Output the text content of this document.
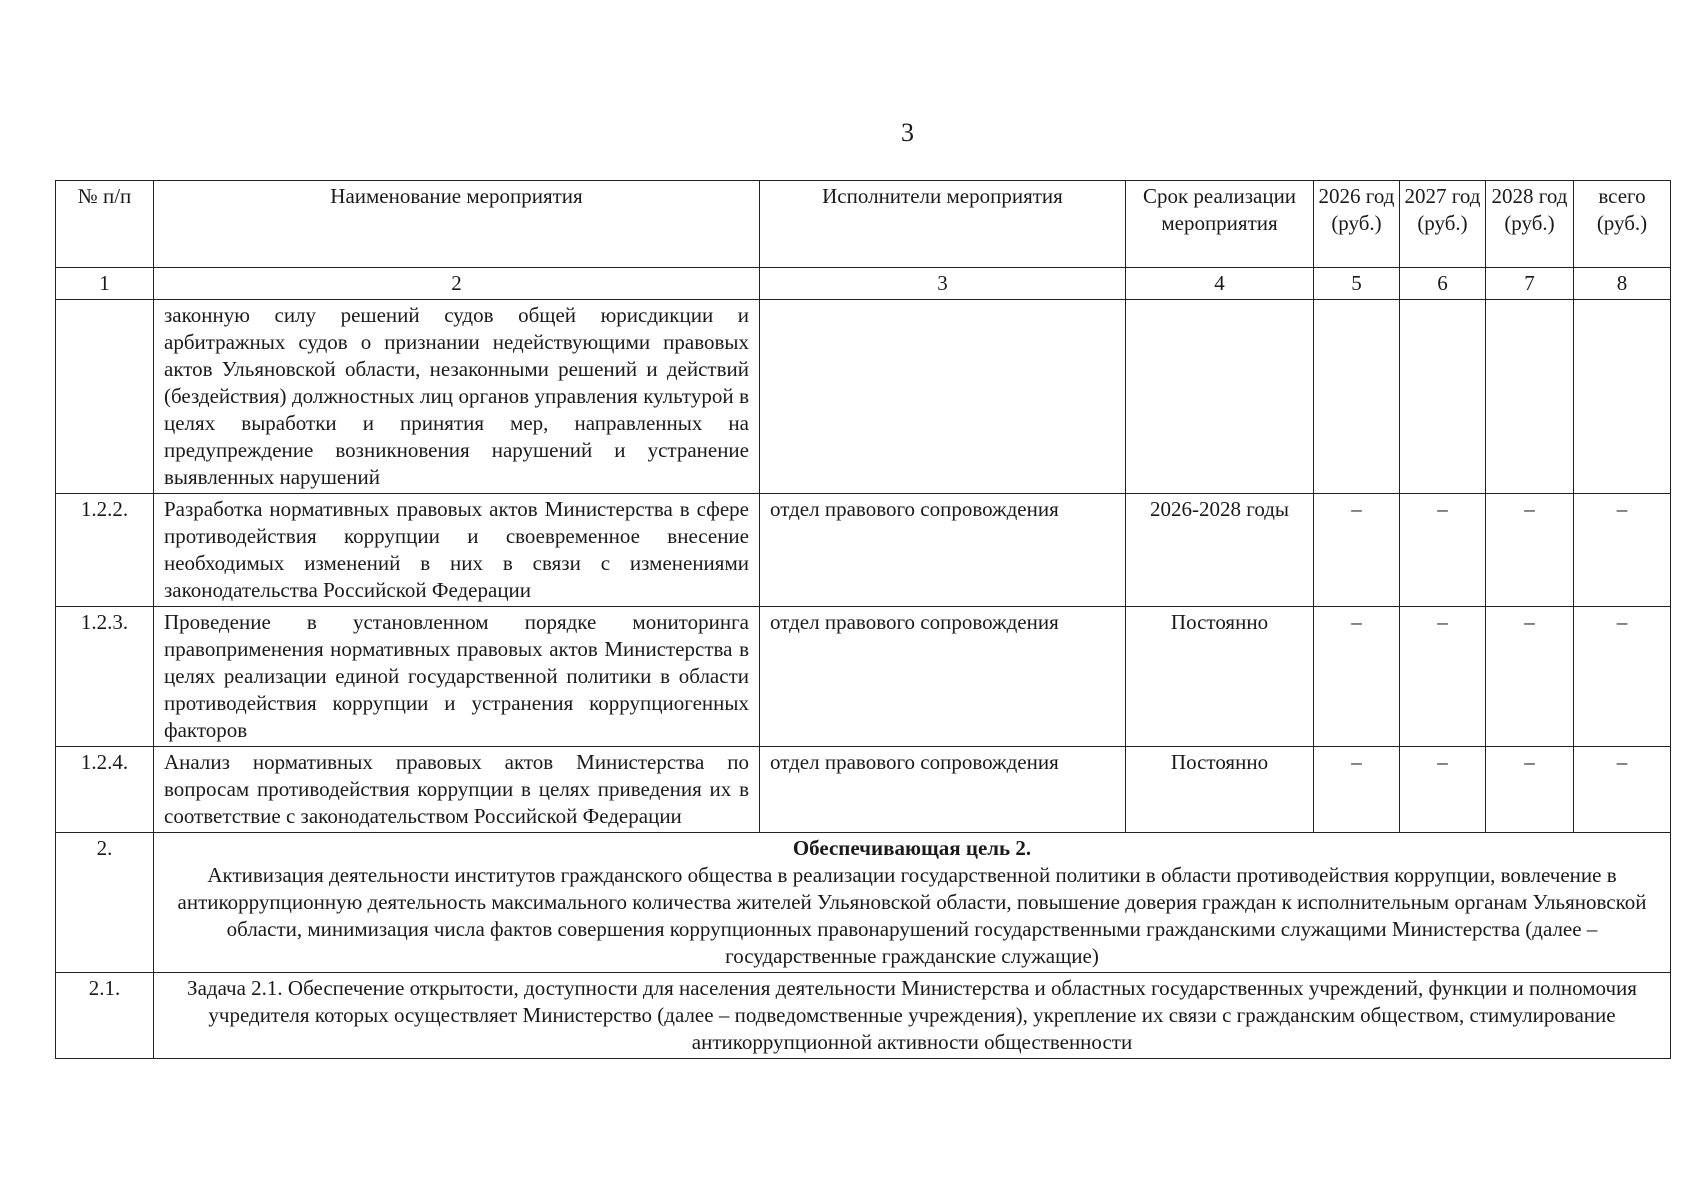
3
№ п/п	Наименование мероприятия	Исполнители мероприятия	Срок реализации мероприятия	2026 год (руб.)	2027 год (руб.)	2028 год (руб.)	всего (руб.)
1	2	3	4	5	6	7	8
	законную силу решений судов общей юрисдикции и арбитражных судов о признании недействующими правовых актов Ульяновской области, незаконными решений и действий (бездействия) должностных лиц органов управления культурой в целях выработки и принятия мер, направленных на предупреждение возникновения нарушений и устранение выявленных нарушений						
1.2.2.	Разработка нормативных правовых актов Министерства в сфере противодействия коррупции и своевременное внесение необходимых изменений в них в связи с изменениями законодательства Российской Федерации	отдел правового сопровождения	2026-2028 годы	–	–	–	–
1.2.3.	Проведение в установленном порядке мониторинга правоприменения нормативных правовых актов Министерства в целях реализации единой государственной политики в области противодействия коррупции и устранения коррупциогенных факторов	отдел правового сопровождения	Постоянно	–	–	–	–
1.2.4.	Анализ нормативных правовых актов Министерства по вопросам противодействия коррупции в целях приведения их в соответствие с законодательством Российской Федерации	отдел правового сопровождения	Постоянно	–	–	–	–
2.	Обеспечивающая цель 2.
Активизация деятельности институтов гражданского общества в реализации государственной политики в области противодействия коррупции, вовлечение в антикоррупционную деятельность максимального количества жителей Ульяновской области, повышение доверия граждан к исполнительным органам Ульяновской области, минимизация числа фактов совершения коррупционных правонарушений государственными гражданскими служащими Министерства (далее – государственные гражданские служащие)						

2.1.	Задача 2.1. Обеспечение открытости, доступности для населения деятельности Министерства и областных государственных учреждений, функции и полномочия учредителя которых осуществляет Министерство (далее – подведомственные учреждения), укрепление их связи с гражданским обществом, стимулирование антикоррупционной активности общественности						
